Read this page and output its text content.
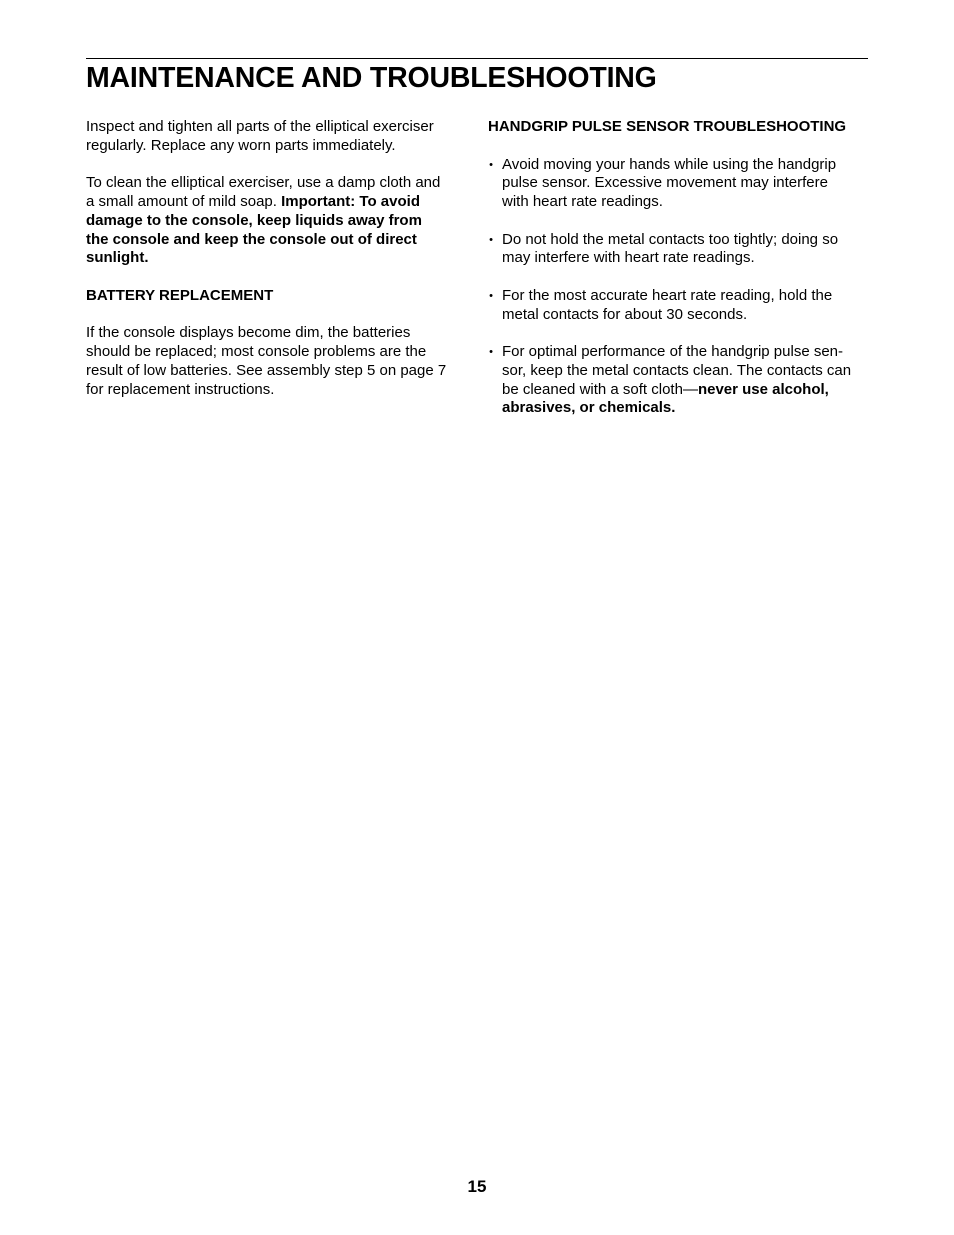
MAINTENANCE AND TROUBLESHOOTING

Inspect and tighten all parts of the elliptical exerciser
regularly. Replace any worn parts immediately.

To clean the elliptical exerciser, use a damp cloth and
a small amount of mild soap. Important: To avoid
damage to the console, keep liquids away from
the console and keep the console out of direct
sunlight.

BATTERY REPLACEMENT

If the console displays become dim, the batteries
should be replaced; most console problems are the
result of low batteries. See assembly step 5 on page 7
for replacement instructions.

HANDGRIP PULSE SENSOR TROUBLESHOOTING
• Avoid moving your hands while using the handgrip
pulse sensor. Excessive movement may interfere
with heart rate readings.
• Do not hold the metal contacts too tightly; doing so
may interfere with heart rate readings.
• For the most accurate heart rate reading, hold the
metal contacts for about 30 seconds.
• For optimal performance of the handgrip pulse sen-
sor, keep the metal contacts clean. The contacts can
be cleaned with a soft cloth—never use alcohol,
abrasives, or chemicals.
15
